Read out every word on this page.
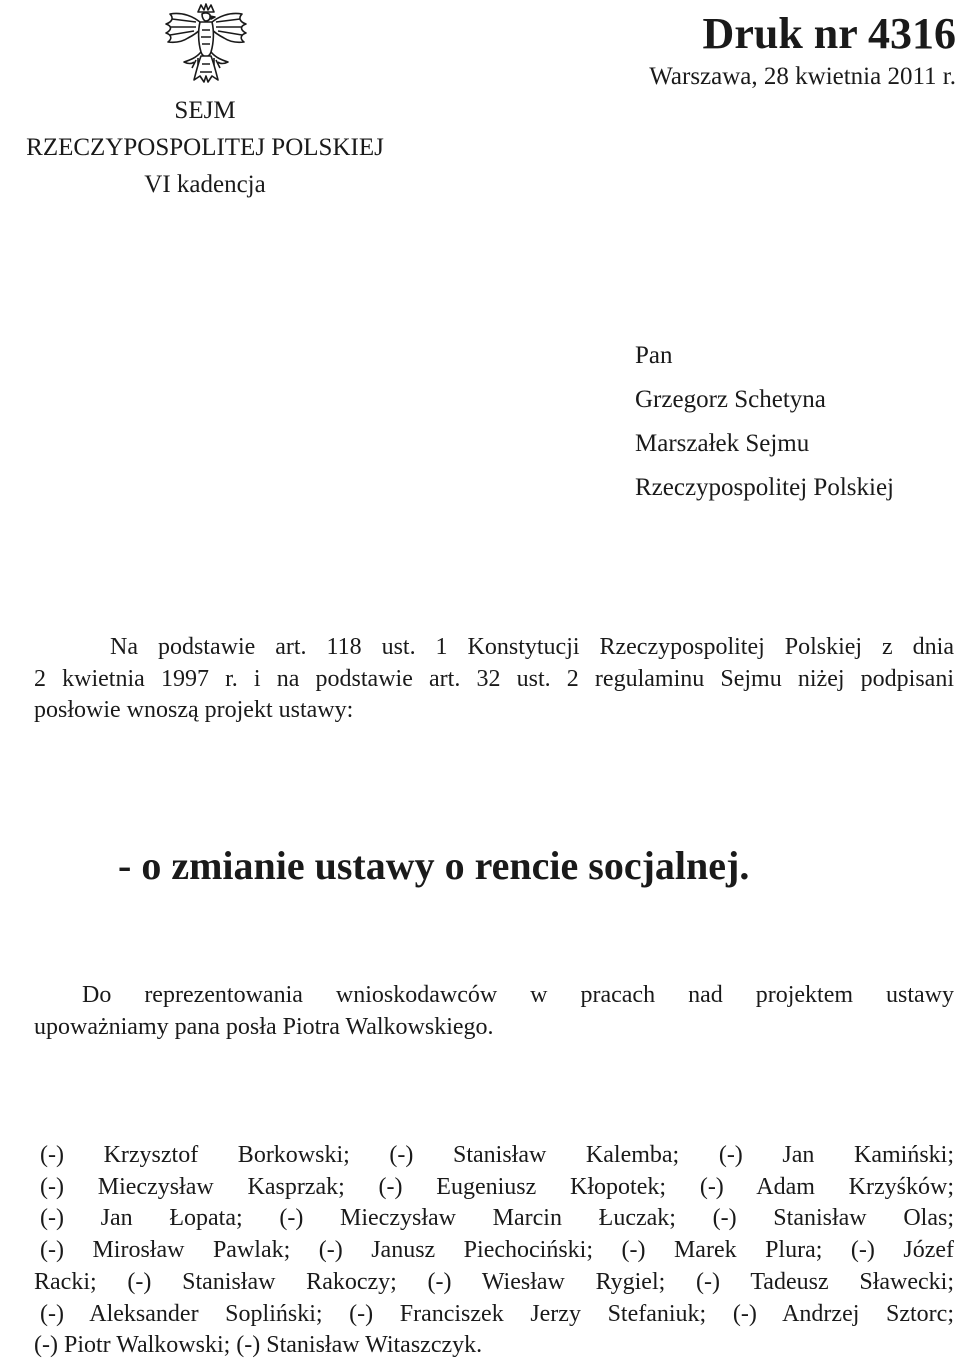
SEJM
RZECZYPOSPOLITEJ POLSKIEJ
VI kadencja
Druk nr 4316
Warszawa, 28 kwietnia 2011 r.
Pan
Grzegorz Schetyna
Marszałek Sejmu
Rzeczypospolitej Polskiej

Na podstawie art. 118 ust. 1 Konstytucji Rzeczypospolitej Polskiej z dnia

2 kwietnia 1997 r. i na podstawie art. 32 ust. 2 regulaminu Sejmu niżej podpisani

posłowie wnoszą projekt ustawy:

- o zmianie ustawy o rencie socjalnej.

Do reprezentowania wnioskodawców w pracach nad projektem ustawy

upoważniamy pana posła Piotra Walkowskiego.

(-) Krzysztof Borkowski; (-) Stanisław Kalemba; (-) Jan Kamiński;

(-) Mieczysław Kasprzak; (-) Eugeniusz Kłopotek; (-) Adam Krzyśków;

(-) Jan Łopata; (-) Mieczysław Marcin Łuczak; (-) Stanisław Olas;

(-) Mirosław Pawlak; (-) Janusz Piechociński; (-) Marek Plura; (-) Józef

Racki; (-) Stanisław Rakoczy; (-) Wiesław Rygiel; (-) Tadeusz Sławecki;

(-) Aleksander Sopliński; (-) Franciszek Jerzy Stefaniuk; (-) Andrzej Sztorc;

(-) Piotr Walkowski; (-) Stanisław Witaszczyk.
